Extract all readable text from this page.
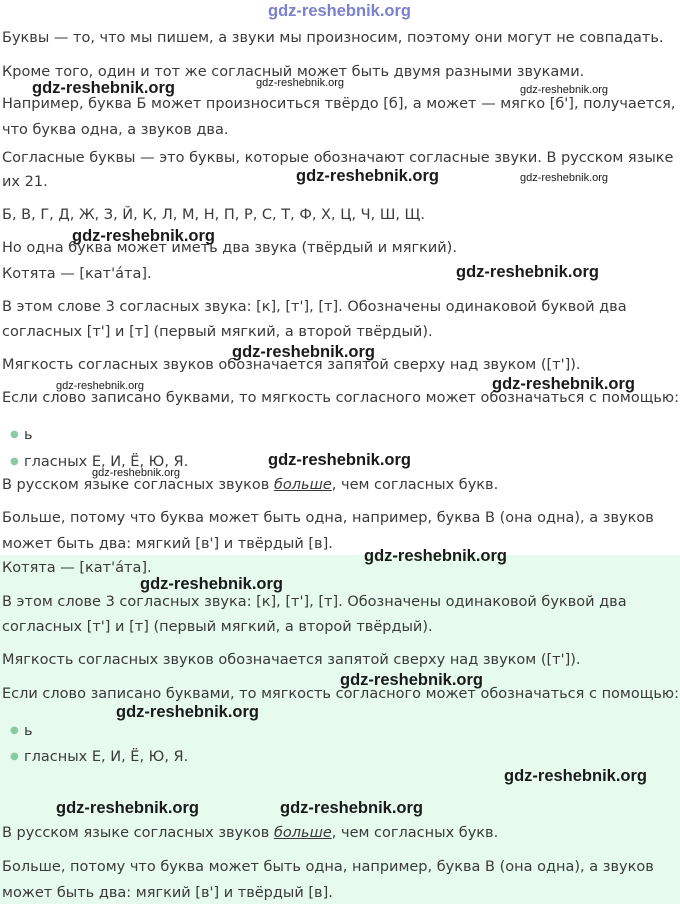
Буквы — то, что мы пишем, а звуки мы произносим, поэтому они могут не совпадать.
Кроме того, один и тот же согласный может быть двумя разными звуками.
Например, буква Б может произноситься твёрдо [б], а может — мягко [б'], получается,
что буква одна, а звуков два.
Согласные буквы — это буквы, которые обозначают согласные звуки. В русском языке
их 21.
Б, В, Г, Д, Ж, З, Й, К, Л, М, Н, П, Р, С, Т, Ф, Х, Ц, Ч, Ш, Щ.
Но одна буква может иметь два звука (твёрдый и мягкий).
Котята — [кат'а́та].
В этом слове 3 согласных звука: [к], [т'], [т]. Обозначены одинаковой буквой два
согласных [т'] и [т] (первый мягкий, а второй твёрдый).
Мягкость согласных звуков обозначается запятой сверху над звуком ([т']).
Если слово записано буквами, то мягкость согласного может обозначаться с помощью:
● ь
● гласных Е, И, Ё, Ю, Я.
В русском языке согласных звуков больше, чем согласных букв.
Больше, потому что буква может быть одна, например, буква В (она одна), а звуков
может быть два: мягкий [в'] и твёрдый [в].
Котята — [кат'а́та].
В этом слове 3 согласных звука: [к], [т'], [т]. Обозначены одинаковой буквой два
согласных [т'] и [т] (первый мягкий, а второй твёрдый).
Мягкость согласных звуков обозначается запятой сверху над звуком ([т']).
Если слово записано буквами, то мягкость согласного может обозначаться с помощью:
● ь
● гласных Е, И, Ё, Ю, Я.
В русском языке согласных звуков больше, чем согласных букв.
Больше, потому что буква может быть одна, например, буква В (она одна), а звуков
может быть два: мягкий [в'] и твёрдый [в].
gdz-reshebnik.org
gdz-reshebnik.org	gdz-reshebnik.org
gdz-reshebnik.org
gdz-reshebnik.org	gdz-reshebnik.org
gdz-reshebnik.org
gdz-reshebnik.org
gdz-reshebnik.org
gdz-reshebnik.org	gdz-reshebnik.org
gdz-reshebnik.org
gdz-reshebnik.org
gdz-reshebnik.org
gdz-reshebnik.org
gdz-reshebnik.org
gdz-reshebnik.org
gdz-reshebnik.org
gdz-reshebnik.org	gdz-reshebnik.org
